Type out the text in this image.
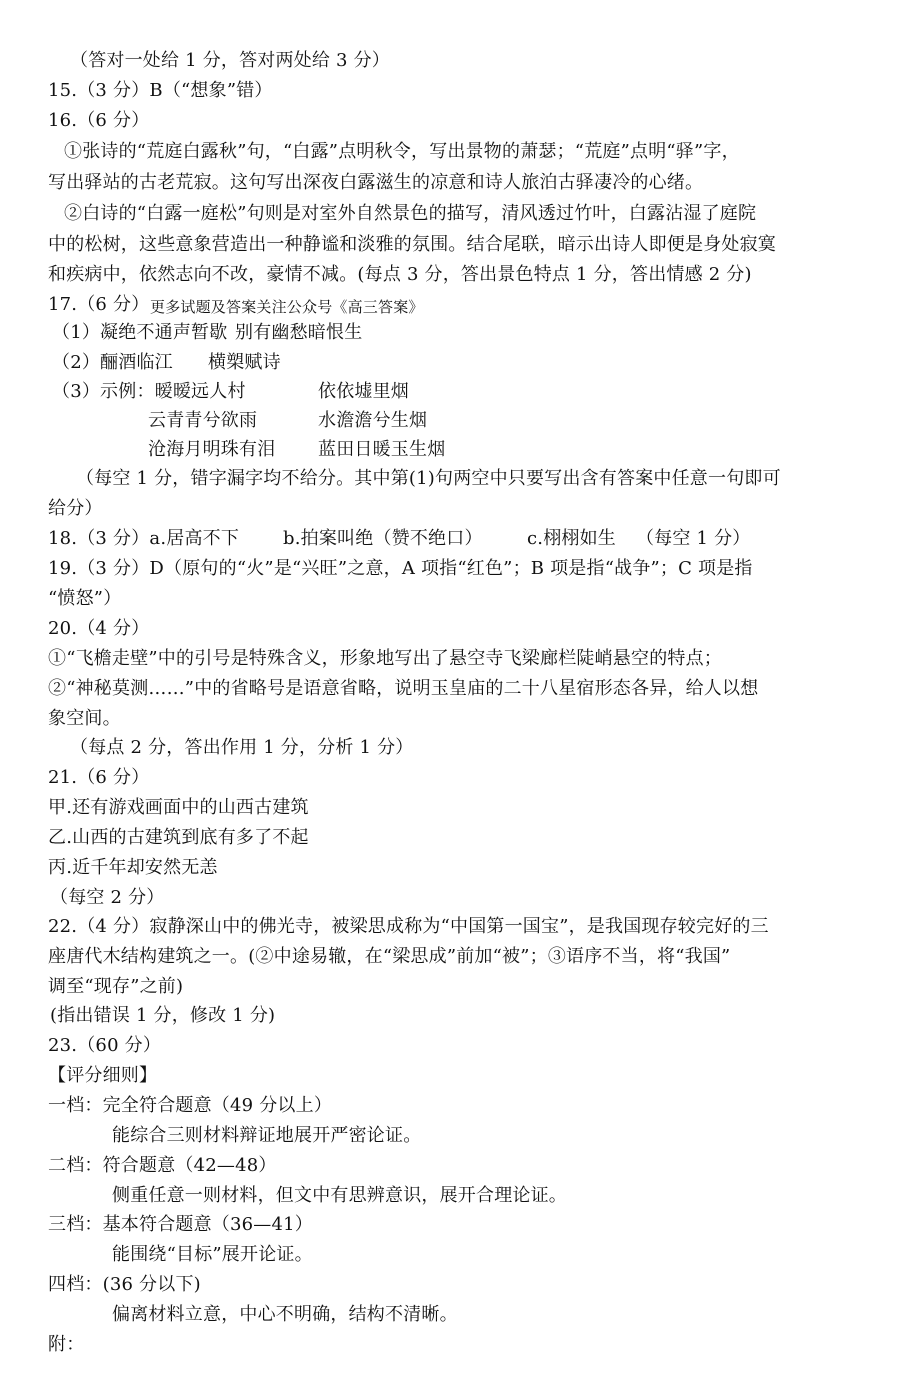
（答对一处给 1 分，答对两处给 3 分）
15.（3 分）B（“想象”错）
16.（6 分）
①张诗的“荒庭白露秋”句，“白露”点明秋令，写出景物的萧瑟；“荒庭”点明“驿”字，
写出驿站的古老荒寂。这句写出深夜白露滋生的凉意和诗人旅泊古驿凄冷的心绪。
②白诗的“白露一庭松”句则是对室外自然景色的描写，清风透过竹叶，白露沾湿了庭院
中的松树，这些意象营造出一种静谧和淡雅的氛围。结合尾联，暗示出诗人即便是身处寂寞
和疾病中，依然志向不改，豪情不减。(每点 3 分，答出景色特点 1 分，答出情感 2 分)
17.（6 分） 更多试题及答案关注公众号《高三答案》
（1）凝绝不通声暂歇 别有幽愁暗恨生
（2）酾酒临江 横槊赋诗
（3）示例：暧暧远人村	依依墟里烟
云青青兮欲雨	水澹澹兮生烟
沧海月明珠有泪 蓝田日暖玉生烟
（每空 1 分，错字漏字均不给分。其中第(1)句两空中只要写出含有答案中任意一句即可
给分）
18.（3 分）a.居高不下 b.拍案叫绝（赞不绝口） c.栩栩如生 （每空 1 分）
19.（3 分）D（原句的“火”是“兴旺”之意，A 项指“红色”；B 项是指“战争”；C 项是指
“愤怒”）
20.（4 分）
①“飞檐走壁”中的引号是特殊含义，形象地写出了悬空寺飞梁廊栏陡峭悬空的特点；
②“神秘莫测……”中的省略号是语意省略，说明玉皇庙的二十八星宿形态各异，给人以想
象空间。
（每点 2 分，答出作用 1 分，分析 1 分）
21.（6 分）
甲.还有游戏画面中的山西古建筑
乙.山西的古建筑到底有多了不起
丙.近千年却安然无恙
（每空 2 分）
22.（4 分）寂静深山中的佛光寺，被梁思成称为“中国第一国宝”，是我国现存较完好的三
座唐代木结构建筑之一。(②中途易辙，在“梁思成”前加“被”；③语序不当，将“我国”
调至“现存”之前)
(指出错误 1 分，修改 1 分)
23.（60 分）
【评分细则】
一档：完全符合题意（49 分以上）
能综合三则材料辩证地展开严密论证。
二档：符合题意（42—48）
侧重任意一则材料，但文中有思辨意识，展开合理论证。
三档：基本符合题意（36—41）
能围绕“目标”展开论证。
四档：(36 分以下)
偏离材料立意，中心不明确，结构不清晰。
附：
